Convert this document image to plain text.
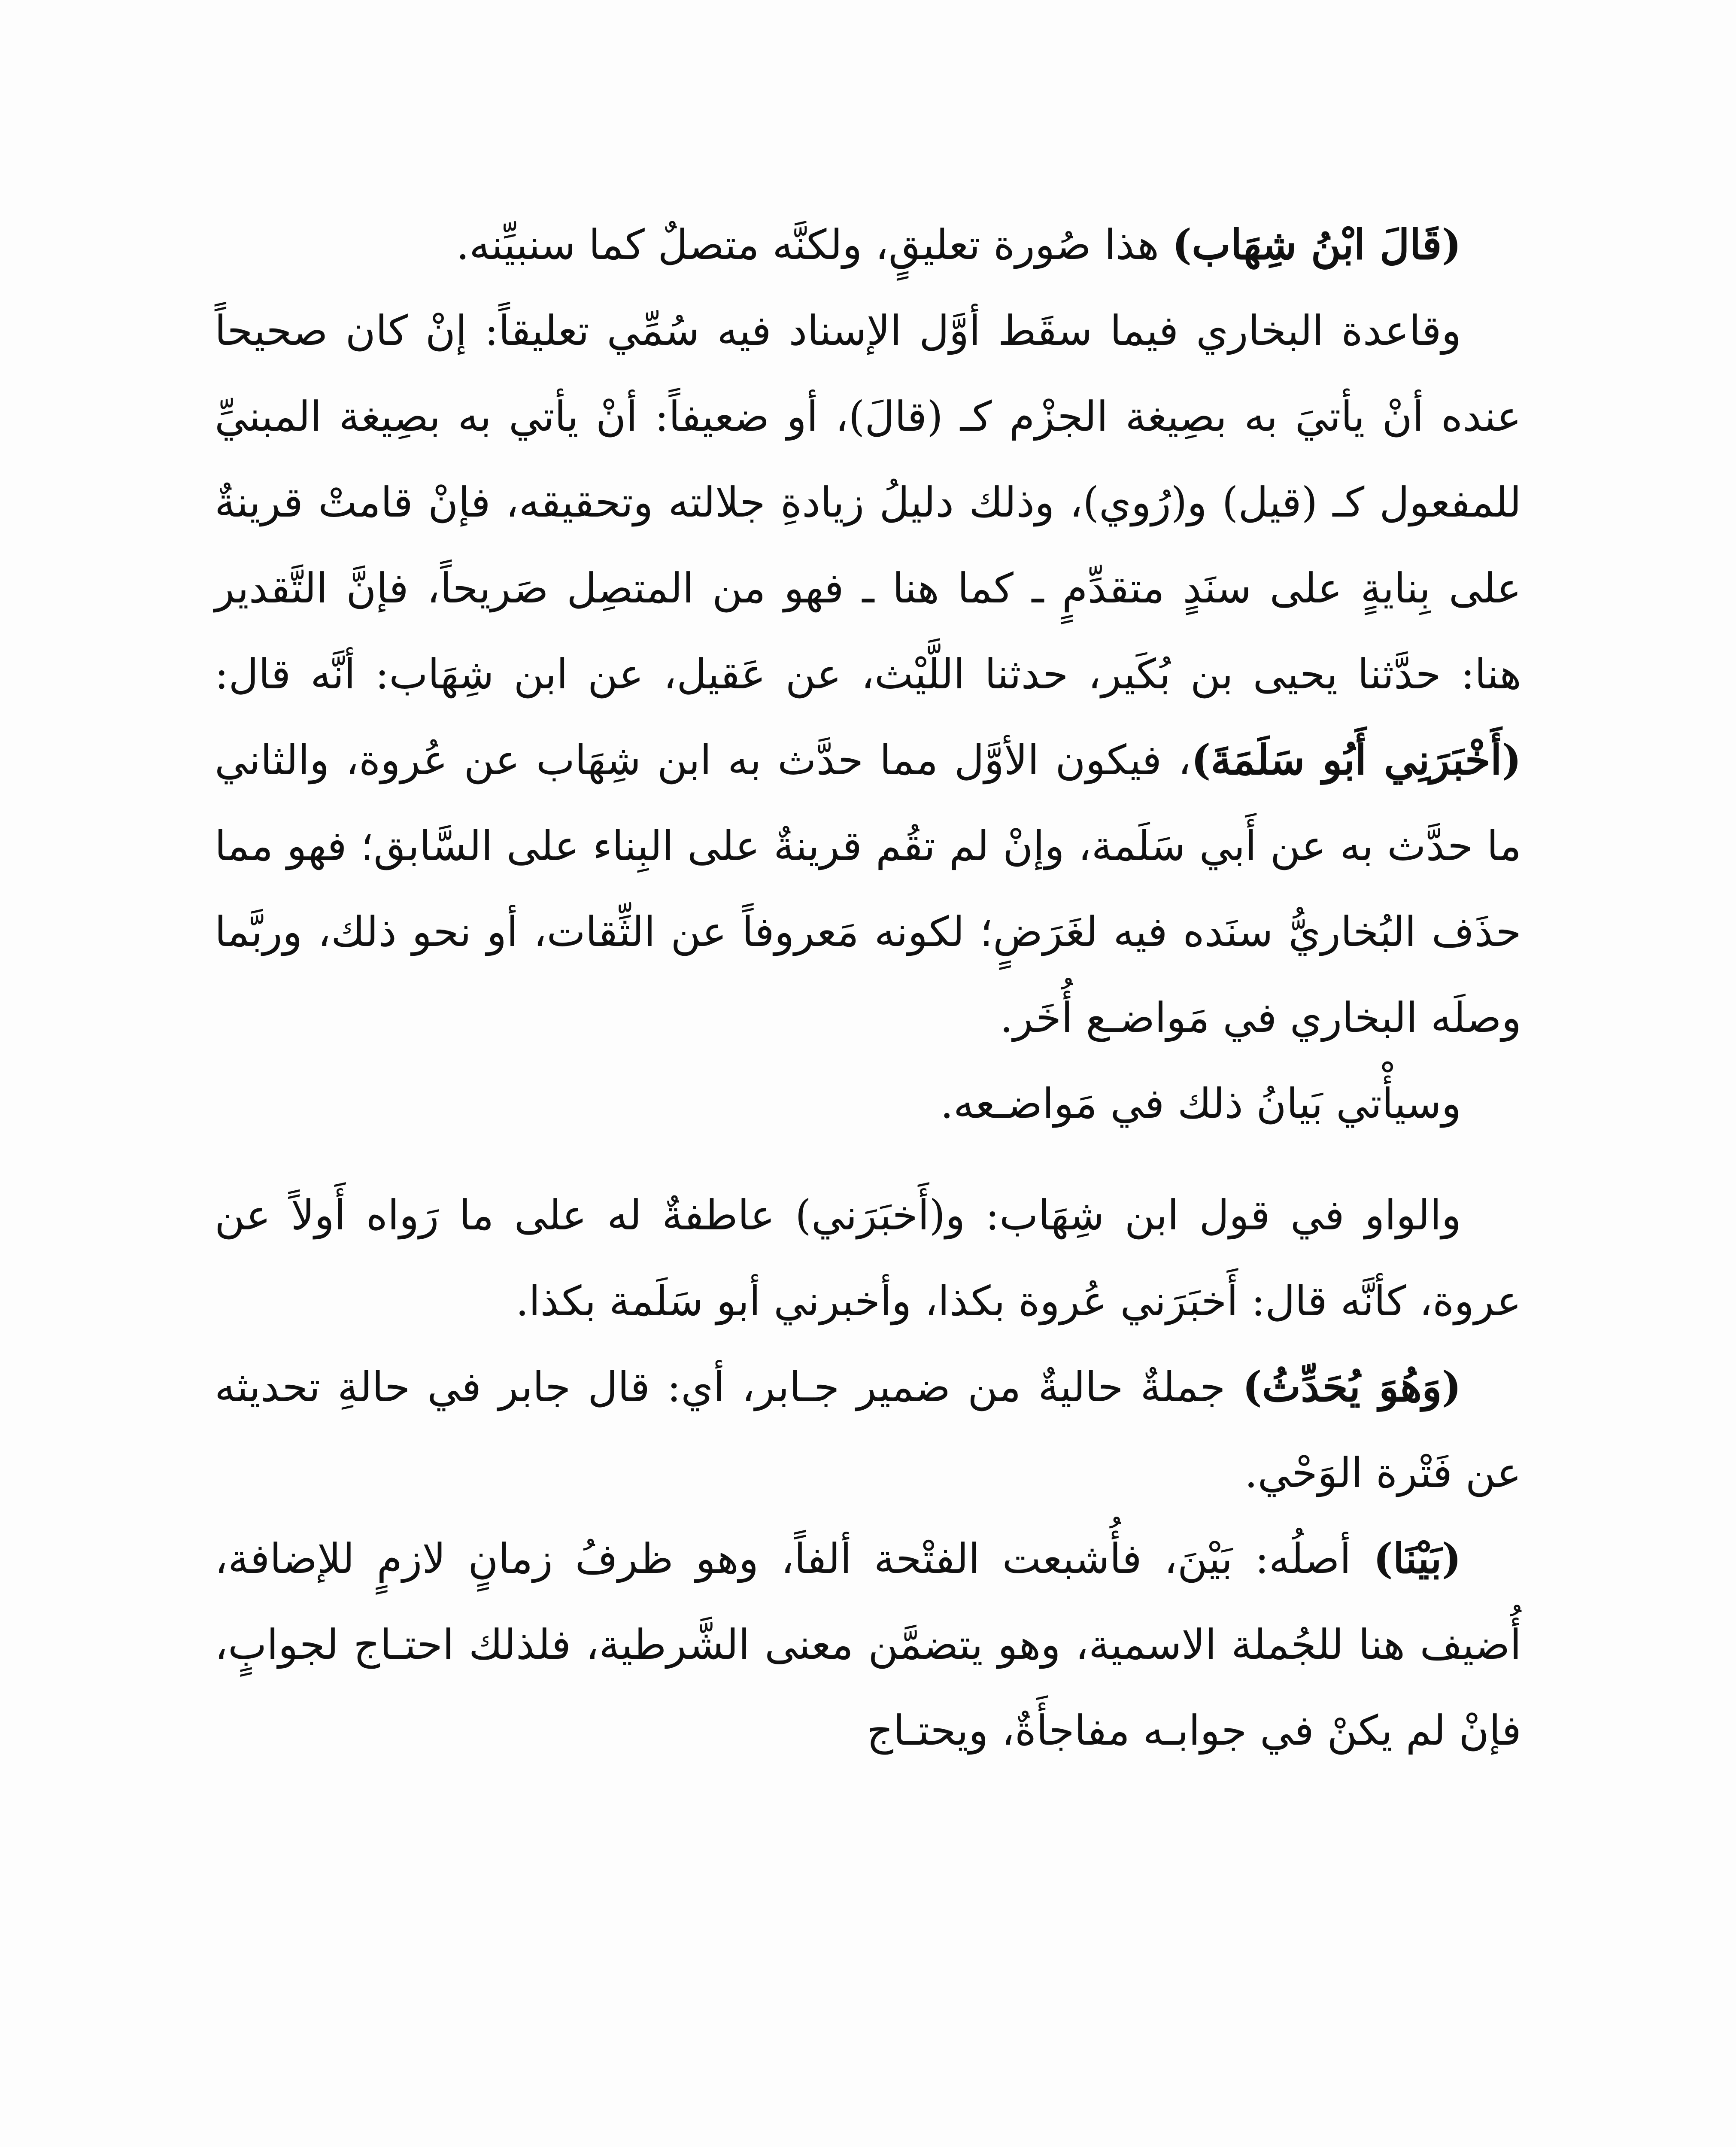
(قَالَ ابْنُ شِهَاب) هذا صُورة تعليقٍ، ولكنَّه متصلٌ كما سنبيِّنه.

وقاعدة البخاري فيما سقَط أوَّل الإسناد فيه سُمِّي تعليقاً: إنْ كان صحيحاً عنده أنْ يأتيَ به بصِيغة الجزْم كـ (قالَ)، أو ضعيفاً: أنْ يأتي به بصِيغة المبنيِّ للمفعول كـ (قيل) و(رُوي)، وذلك دليلُ زيادةِ جلالته وتحقيقه، فإنْ قامتْ قرينةٌ على بِنايةٍ على سنَدٍ متقدِّمٍ ـ كما هنا ـ فهو من المتصِل صَريحاً، فإنَّ التَّقدير هنا: حدَّثنا يحيى بن بُكَير، حدثنا اللَّيْث، عن عَقيل، عن ابن شِهَاب: أنَّه قال: (أَخْبَرَنِي أَبُو سَلَمَةَ)، فيكون الأوَّل مما حدَّث به ابن شِهَاب عن عُروة، والثاني ما حدَّث به عن أَبي سَلَمة، وإنْ لم تقُم قرينةٌ على البِناء على السَّابق؛ فهو مما حذَف البُخاريُّ سنَده فيه لغَرَضٍ؛ لكونه مَعروفاً عن الثِّقات، أو نحو ذلك، وربَّما وصلَه البخاري في مَواضـع أُخَر.

وسيأْتي بَيانُ ذلك في مَواضـعه.

والواو في قول ابن شِهَاب: و(أَخبَرَني) عاطفةٌ له على ما رَواه أَولاً عن عروة، كأنَّه قال: أَخبَرَني عُروة بكذا، وأخبرني أبو سَلَمة بكذا.

(وَهُوَ يُحَدِّثُ) جملةٌ حاليةٌ من ضمير جـابر، أي: قال جابر في حالةِ تحديثه عن فَتْرة الوَحْي.

(بَيْنَا) أصلُه: بَيْنَ، فأُشبعت الفتْحة ألفاً، وهو ظرفُ زمانٍ لازمٍ للإضافة، أُضيف هنا للجُملة الاسمية، وهو يتضمَّن معنى الشَّرطية، فلذلك احتـاج لجوابٍ، فإنْ لم يكنْ في جوابـه مفاجأَةٌ، ويحتـاج
